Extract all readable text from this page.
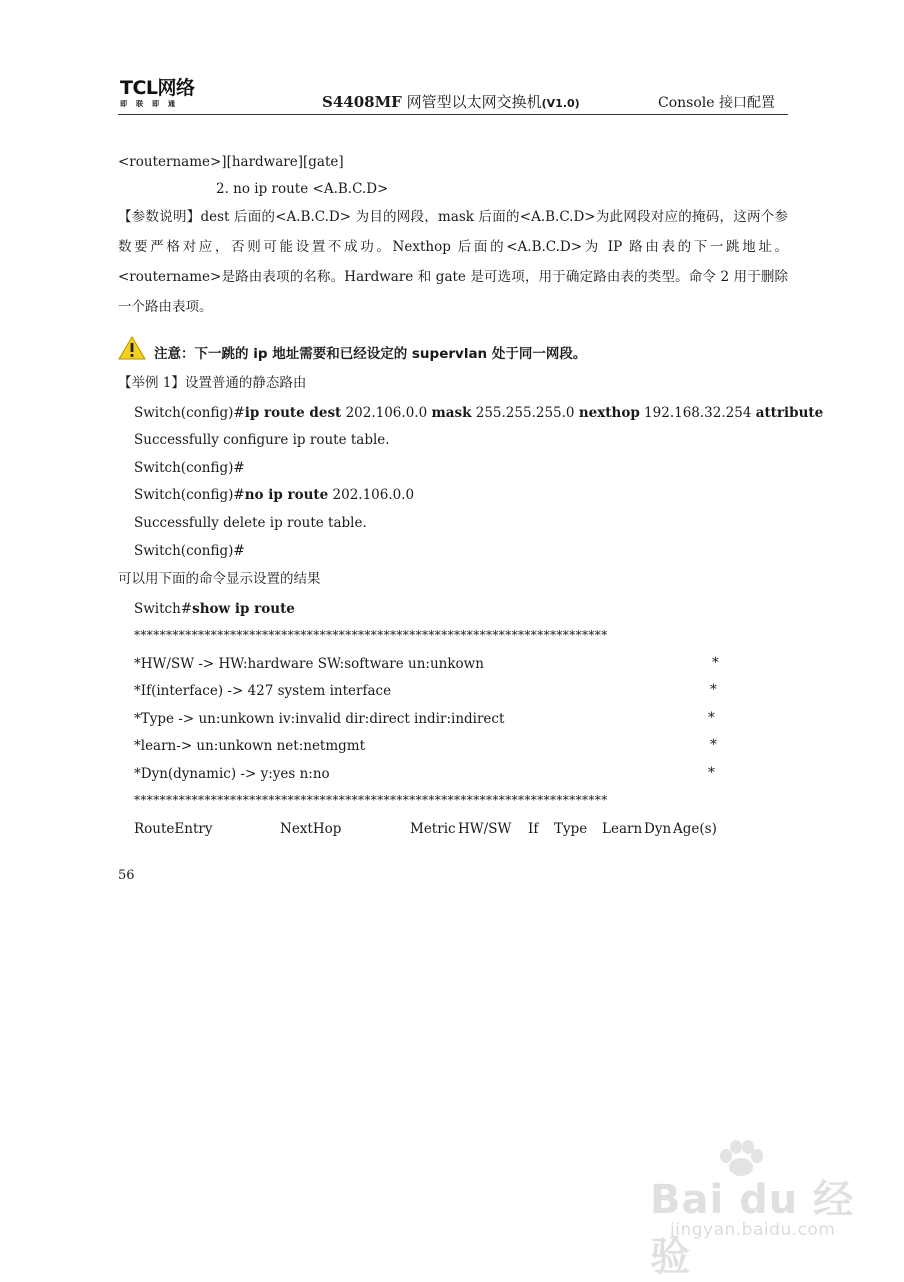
TCL网络
即联即通	S4408MF 网管型以太网交换机(V1.0)	Console 接口配置
<routername>][hardware][gate]
2. no ip route <A.B.C.D>
【参数说明】dest 后面的<A.B.C.D> 为目的网段，mask 后面的<A.B.C.D>为此网段对应的掩码，这两个参数要严格对应，否则可能设置不成功。Nexthop 后面的<A.B.C.D>为 IP 路由表的下一跳地址。<routername>是路由表项的名称。Hardware 和 gate 是可选项，用于确定路由表的类型。命令 2 用于删除一个路由表项。
注意：下一跳的 ip 地址需要和已经设定的 supervlan 处于同一网段。
【举例 1】设置普通的静态路由
Switch(config)#ip route dest 202.106.0.0 mask 255.255.255.0 nexthop 192.168.32.254 attribute
Successfully configure ip route table.
Switch(config)#
Switch(config)#no ip route 202.106.0.0
Successfully delete ip route table.
Switch(config)#
可以用下面的命令显示设置的结果
Switch#show ip route
**************************************************************************
*HW/SW -> HW:hardware SW:software un:unkown	*
*If(interface) -> 427 system interface	*
*Type -> un:unkown iv:invalid dir:direct indir:indirect	*
*learn-> un:unkown net:netmgmt	*
*Dyn(dynamic) -> y:yes n:no	*
**************************************************************************
RouteEntry	NextHop	Metric HW/SW If Type Learn Dyn Age(s)
56
Bai du 经验
jingyan.baidu.com
